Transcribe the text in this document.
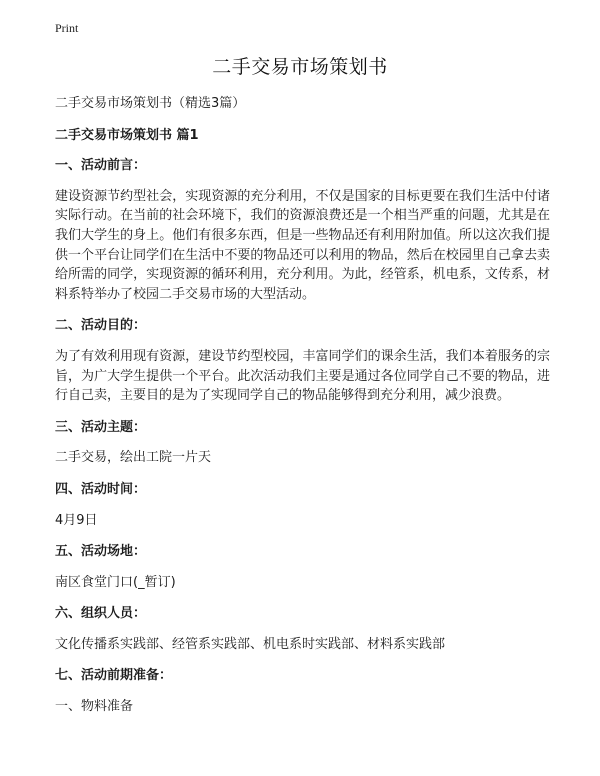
Print
二手交易市场策划书

二手交易市场策划书（精选3篇）

二手交易市场策划书 篇1

一、活动前言：

建设资源节约型社会，实现资源的充分利用，不仅是国家的目标更要在我们生活中付诸实际行动。在当前的社会环境下，我们的资源浪费还是一个相当严重的问题，尤其是在我们大学生的身上。他们有很多东西，但是一些物品还有利用附加值。所以这次我们提供一个平台让同学们在生活中不要的物品还可以利用的物品，然后在校园里自己拿去卖给所需的同学，实现资源的循环利用，充分利用。为此，经管系，机电系，文传系，材料系特举办了校园二手交易市场的大型活动。

二、活动目的：

为了有效利用现有资源，建设节约型校园，丰富同学们的课余生活，我们本着服务的宗旨，为广大学生提供一个平台。此次活动我们主要是通过各位同学自己不要的物品，进行自己卖，主要目的是为了实现同学自己的物品能够得到充分利用，减少浪费。

三、活动主题：

二手交易，绘出工院一片天

四、活动时间：

4月9日

五、活动场地：

南区食堂门口(_暂订)

六、组织人员：

文化传播系实践部、经管系实践部、机电系时实践部、材料系实践部

七、活动前期准备：

一、物料准备
